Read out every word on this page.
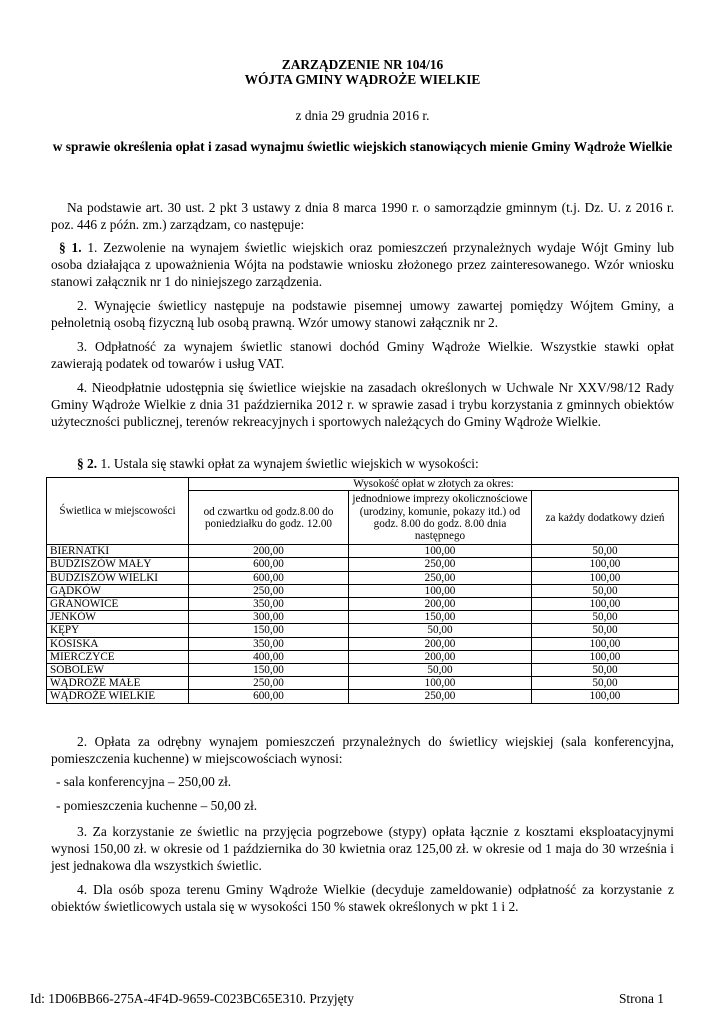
ZARZĄDZENIE NR 104/16
WÓJTA GMINY WĄDROŻE WIELKIE
z dnia 29 grudnia 2016 r.
w sprawie określenia opłat i zasad wynajmu świetlic wiejskich stanowiących mienie Gminy Wądroże Wielkie
Na podstawie art. 30 ust. 2 pkt 3 ustawy z dnia 8 marca 1990 r. o samorządzie gminnym (t.j. Dz. U. z 2016 r. poz. 446 z późn. zm.) zarządzam, co następuje:
§ 1. 1. Zezwolenie na wynajem świetlic wiejskich oraz pomieszczeń przynależnych wydaje Wójt Gminy lub osoba działająca z upoważnienia Wójta na podstawie wniosku złożonego przez zainteresowanego. Wzór wniosku stanowi załącznik nr 1 do niniejszego zarządzenia.
2. Wynajęcie świetlicy następuje na podstawie pisemnej umowy zawartej pomiędzy Wójtem Gminy, a pełnoletnią osobą fizyczną lub osobą prawną. Wzór umowy stanowi załącznik nr 2.
3. Odpłatność za wynajem świetlic stanowi dochód Gminy Wądroże Wielkie. Wszystkie stawki opłat zawierają podatek od towarów i usług VAT.
4. Nieodpłatnie udostępnia się świetlice wiejskie na zasadach określonych w Uchwale Nr XXV/98/12 Rady Gminy Wądroże Wielkie z dnia 31 października 2012 r. w sprawie zasad i trybu korzystania z gminnych obiektów użyteczności publicznej, terenów rekreacyjnych i sportowych należących do Gminy Wądroże Wielkie.
§ 2. 1. Ustala się stawki opłat za wynajem świetlic wiejskich w wysokości:
Świetlica w miejscowości	Wysokość opłat w złotych za okres:		
	od czwartku od godz.8.00 do poniedziałku do godz. 12.00	jednodniowe imprezy okolicznościowe (urodziny, komunie, pokazy itd.) od godz. 8.00 do godz. 8.00 dnia następnego	za każdy dodatkowy dzień
BIERNATKI	200,00	100,00	50,00
BUDZISZÓW MAŁY	600,00	250,00	100,00
BUDZISZÓW WIELKI	600,00	250,00	100,00
GĄDKÓW	250,00	100,00	50,00
GRANOWICE	350,00	200,00	100,00
JENKÓW	300,00	150,00	50,00
KĘPY	150,00	50,00	50,00
KOSISKA	350,00	200,00	100,00
MIERCZYCE	400,00	200,00	100,00
SOBOLEW	150,00	50,00	50,00
WĄDROŻE MAŁE	250,00	100,00	50,00
WĄDROŻE WIELKIE	600,00	250,00	100,00
2. Opłata za odrębny wynajem pomieszczeń przynależnych do świetlicy wiejskiej (sala konferencyjna, pomieszczenia kuchenne) w miejscowościach wynosi:
- sala konferencyjna – 250,00 zł.
- pomieszczenia kuchenne – 50,00 zł.
3. Za korzystanie ze świetlic na przyjęcia pogrzebowe (stypy) opłata łącznie z kosztami eksploatacyjnymi wynosi 150,00 zł. w okresie od 1 października do 30 kwietnia oraz 125,00 zł. w okresie od 1 maja do 30 września i jest jednakowa dla wszystkich świetlic.
4. Dla osób spoza terenu Gminy Wądroże Wielkie (decyduje zameldowanie) odpłatność za korzystanie z obiektów świetlicowych ustala się w wysokości 150 % stawek określonych w pkt 1 i 2.
Id: 1D06BB66-275A-4F4D-9659-C023BC65E310. Przyjęty	Strona 1
